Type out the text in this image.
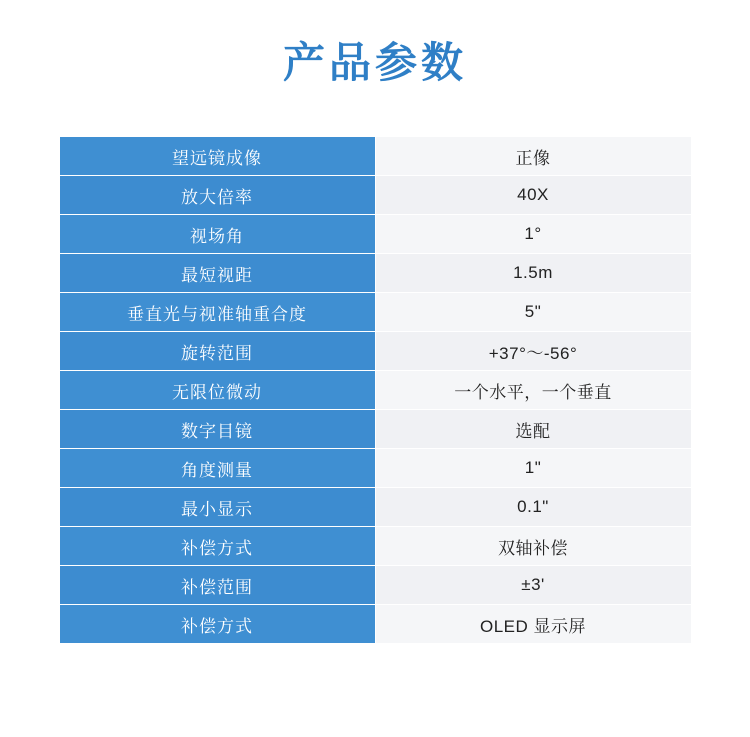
产品参数
望远镜成像	正像
放大倍率	40X
视场角	1°
最短视距	1.5m
垂直光与视准轴重合度	5"
旋转范围	+37°～-56°
无限位微动	一个水平，一个垂直
数字目镜	选配
角度测量	1"
最小显示	0.1"
补偿方式	双轴补偿
补偿范围	±3'
补偿方式	OLED 显示屏
